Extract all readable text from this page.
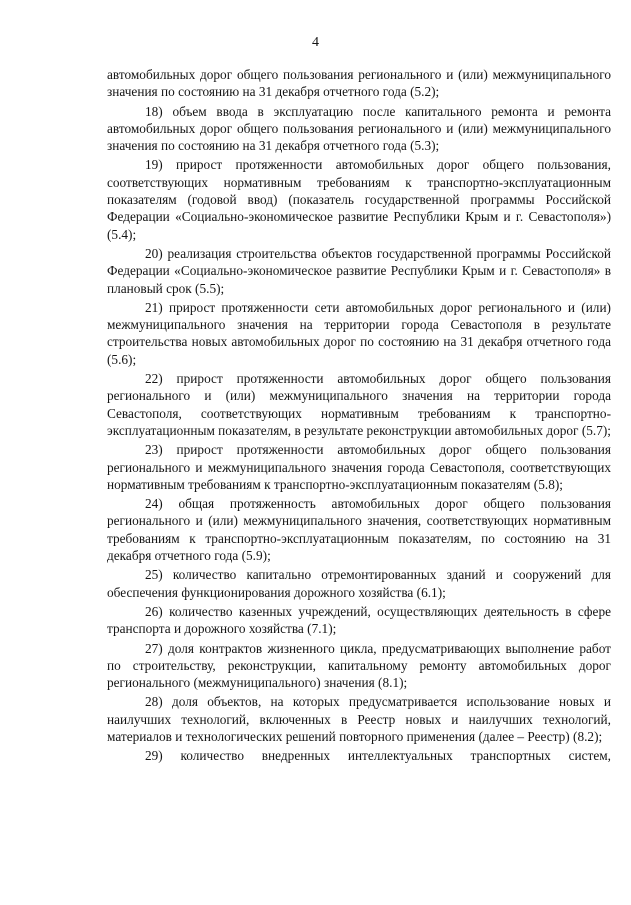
4

автомобильных дорог общего пользования регионального и (или) межмуниципального значения по состоянию на 31 декабря отчетного года (5.2);

18) объем ввода в эксплуатацию после капитального ремонта и ремонта автомобильных дорог общего пользования регионального и (или) межмуниципального значения по состоянию на 31 декабря отчетного года (5.3);

19) прирост протяженности автомобильных дорог общего пользования, соответствующих нормативным требованиям к транспортно-эксплуатационным показателям (годовой ввод) (показатель государственной программы Российской Федерации «Социально-экономическое развитие Республики Крым и г. Севастополя») (5.4);

20) реализация строительства объектов государственной программы Российской Федерации «Социально-экономическое развитие Республики Крым и г. Севастополя» в плановый срок (5.5);

21) прирост протяженности сети автомобильных дорог регионального и (или) межмуниципального значения на территории города Севастополя в результате строительства новых автомобильных дорог по состоянию на 31 декабря отчетного года (5.6);

22) прирост протяженности автомобильных дорог общего пользования регионального и (или) межмуниципального значения на территории города Севастополя, соответствующих нормативным требованиям к транспортно-эксплуатационным показателям, в результате реконструкции автомобильных дорог (5.7);

23) прирост протяженности автомобильных дорог общего пользования регионального и межмуниципального значения города Севастополя, соответствующих нормативным требованиям к транспортно-эксплуатационным показателям (5.8);

24) общая протяженность автомобильных дорог общего пользования регионального и (или) межмуниципального значения, соответствующих нормативным требованиям к транспортно-эксплуатационным показателям, по состоянию на 31 декабря отчетного года (5.9);

25) количество капитально отремонтированных зданий и сооружений для обеспечения функционирования дорожного хозяйства (6.1);

26) количество казенных учреждений, осуществляющих деятельность в сфере транспорта и дорожного хозяйства (7.1);

27) доля контрактов жизненного цикла, предусматривающих выполнение работ по строительству, реконструкции, капитальному ремонту автомобильных дорог регионального (межмуниципального) значения (8.1);

28) доля объектов, на которых предусматривается использование новых и наилучших технологий, включенных в Реестр новых и наилучших технологий, материалов и технологических решений повторного применения (далее – Реестр) (8.2);

29) количество внедренных интеллектуальных транспортных систем,
